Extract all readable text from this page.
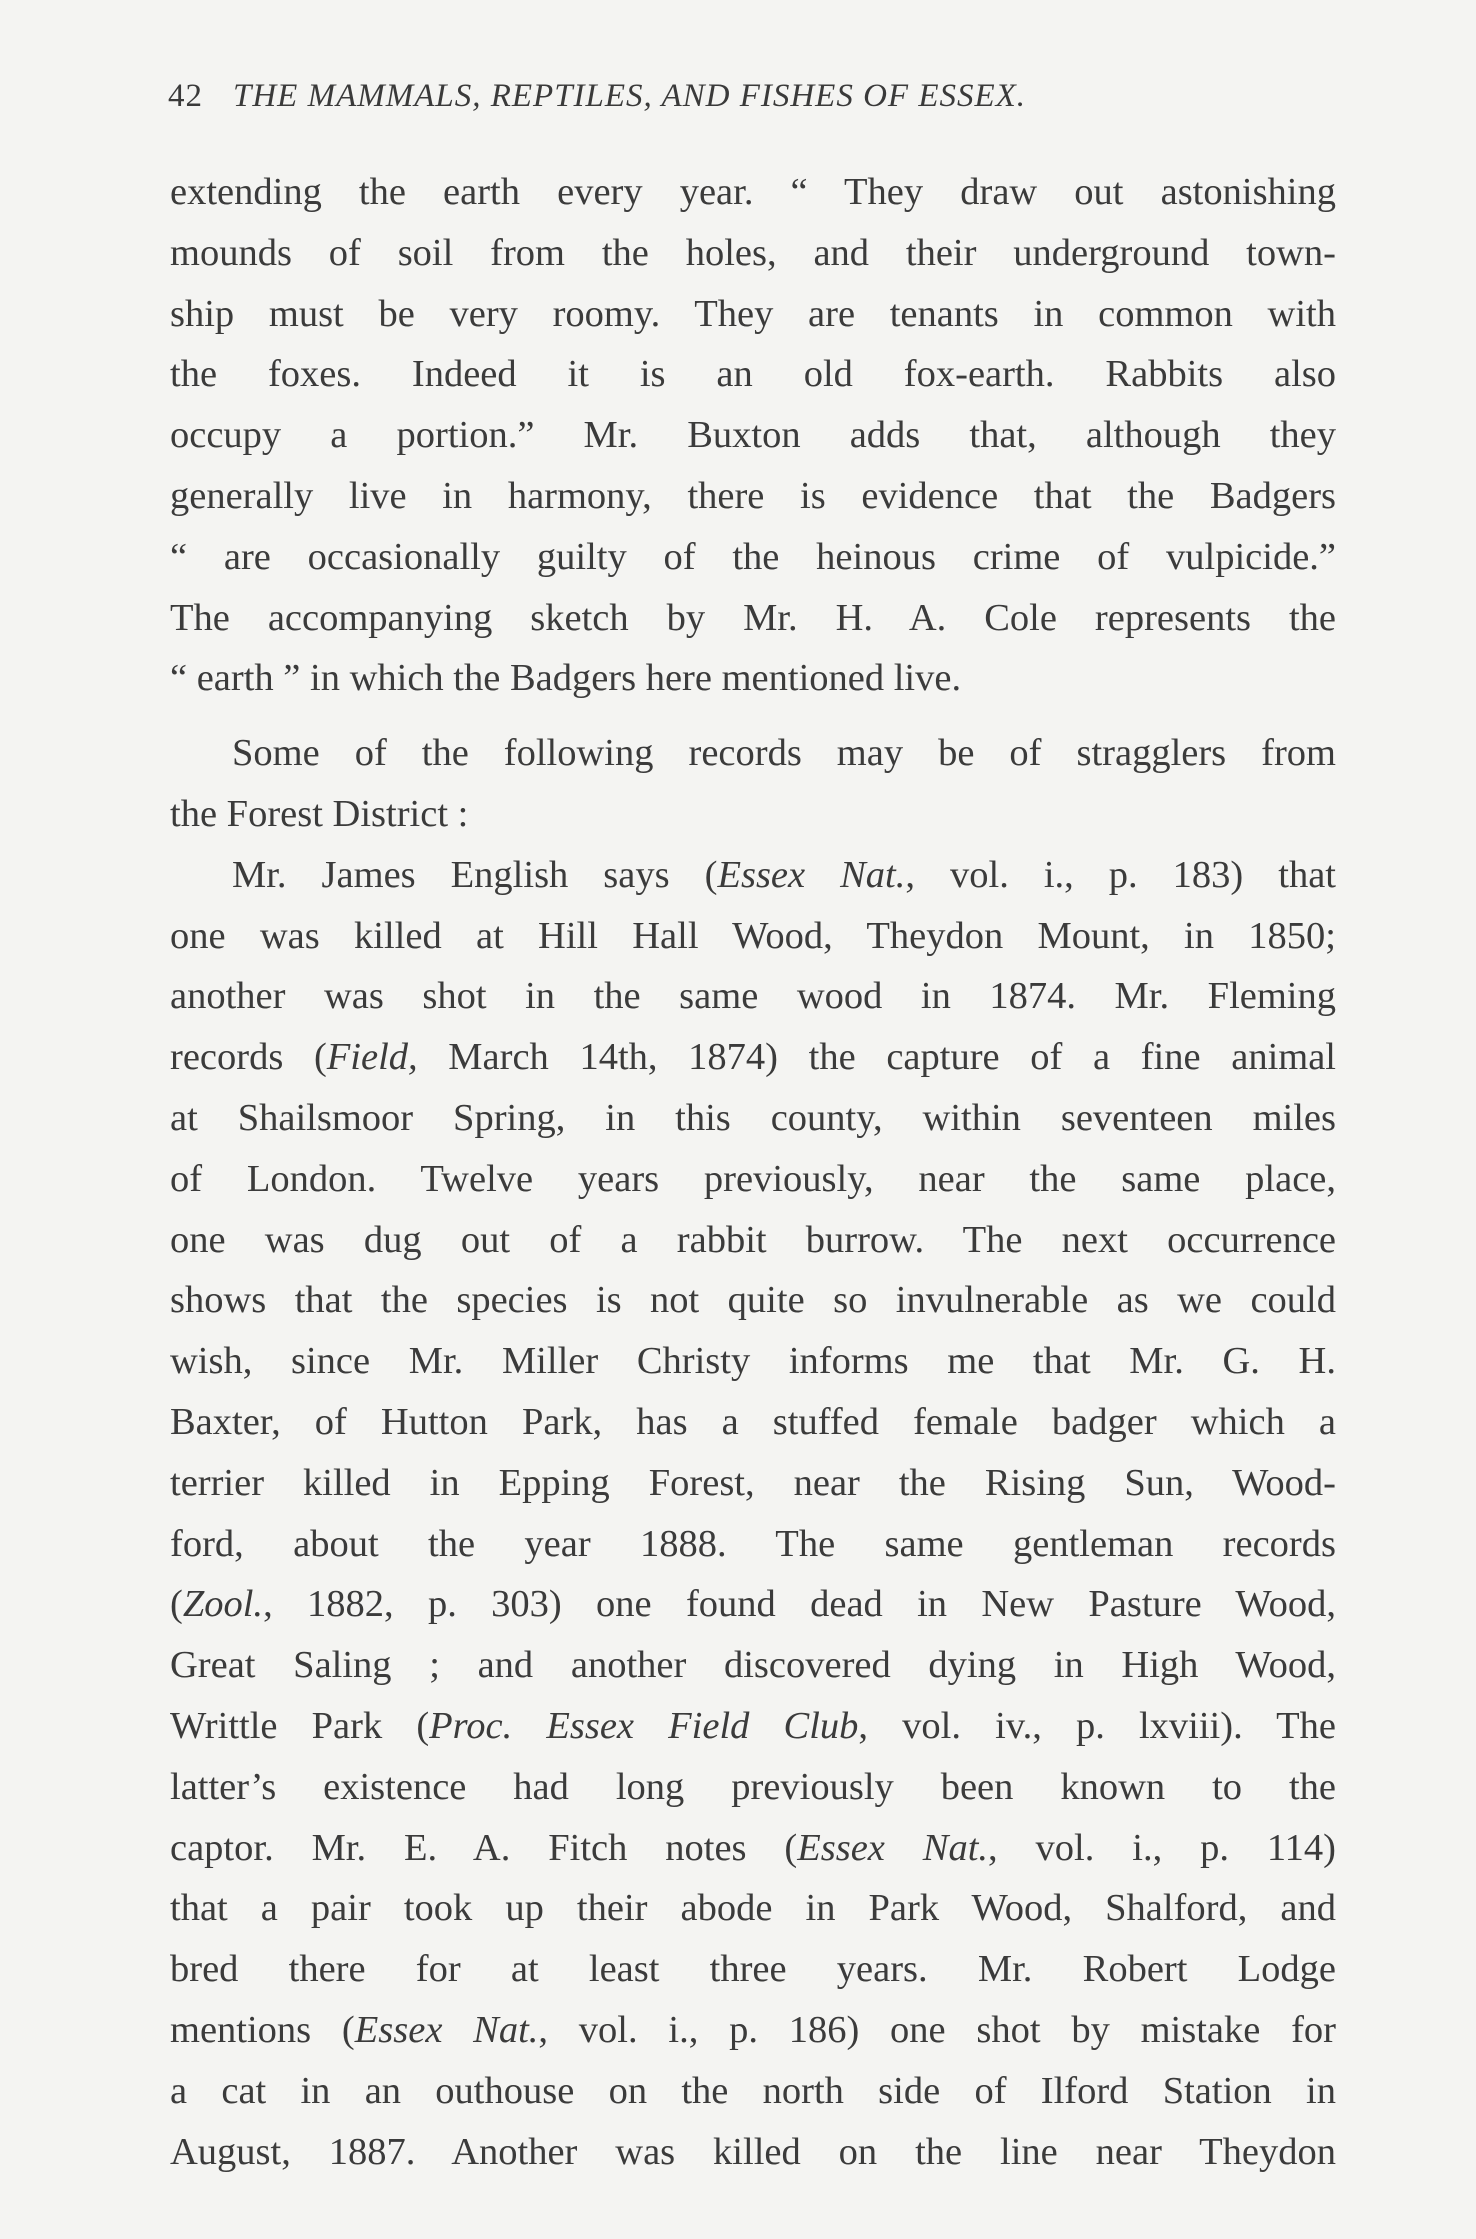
42 THE MAMMALS, REPTILES, AND FISHES OF ESSEX.
extending the earth every year. “ They draw out astonishing
mounds of soil from the holes, and their underground town-
ship must be very roomy. They are tenants in common with
the foxes. Indeed it is an old fox-earth. Rabbits also
occupy a portion.” Mr. Buxton adds that, although they
generally live in harmony, there is evidence that the Badgers
“ are occasionally guilty of the heinous crime of vulpicide.”
The accompanying sketch by Mr. H. A. Cole represents the
“ earth ” in which the Badgers here mentioned live.
Some of the following records may be of stragglers from
the Forest District :
Mr. James English says (Essex Nat., vol. i., p. 183) that
one was killed at Hill Hall Wood, Theydon Mount, in 1850;
another was shot in the same wood in 1874. Mr. Fleming
records (Field, March 14th, 1874) the capture of a fine animal
at Shailsmoor Spring, in this county, within seventeen miles
of London. Twelve years previously, near the same place,
one was dug out of a rabbit burrow. The next occurrence
shows that the species is not quite so invulnerable as we could
wish, since Mr. Miller Christy informs me that Mr. G. H.
Baxter, of Hutton Park, has a stuffed female badger which a
terrier killed in Epping Forest, near the Rising Sun, Wood-
ford, about the year 1888. The same gentleman records
(Zool., 1882, p. 303) one found dead in New Pasture Wood,
Great Saling ; and another discovered dying in High Wood,
Writtle Park (Proc. Essex Field Club, vol. iv., p. lxviii). The
latter’s existence had long previously been known to the
captor. Mr. E. A. Fitch notes (Essex Nat., vol. i., p. 114)
that a pair took up their abode in Park Wood, Shalford, and
bred there for at least three years. Mr. Robert Lodge
mentions (Essex Nat., vol. i., p. 186) one shot by mistake for
a cat in an outhouse on the north side of Ilford Station in
August, 1887. Another was killed on the line near Theydon
